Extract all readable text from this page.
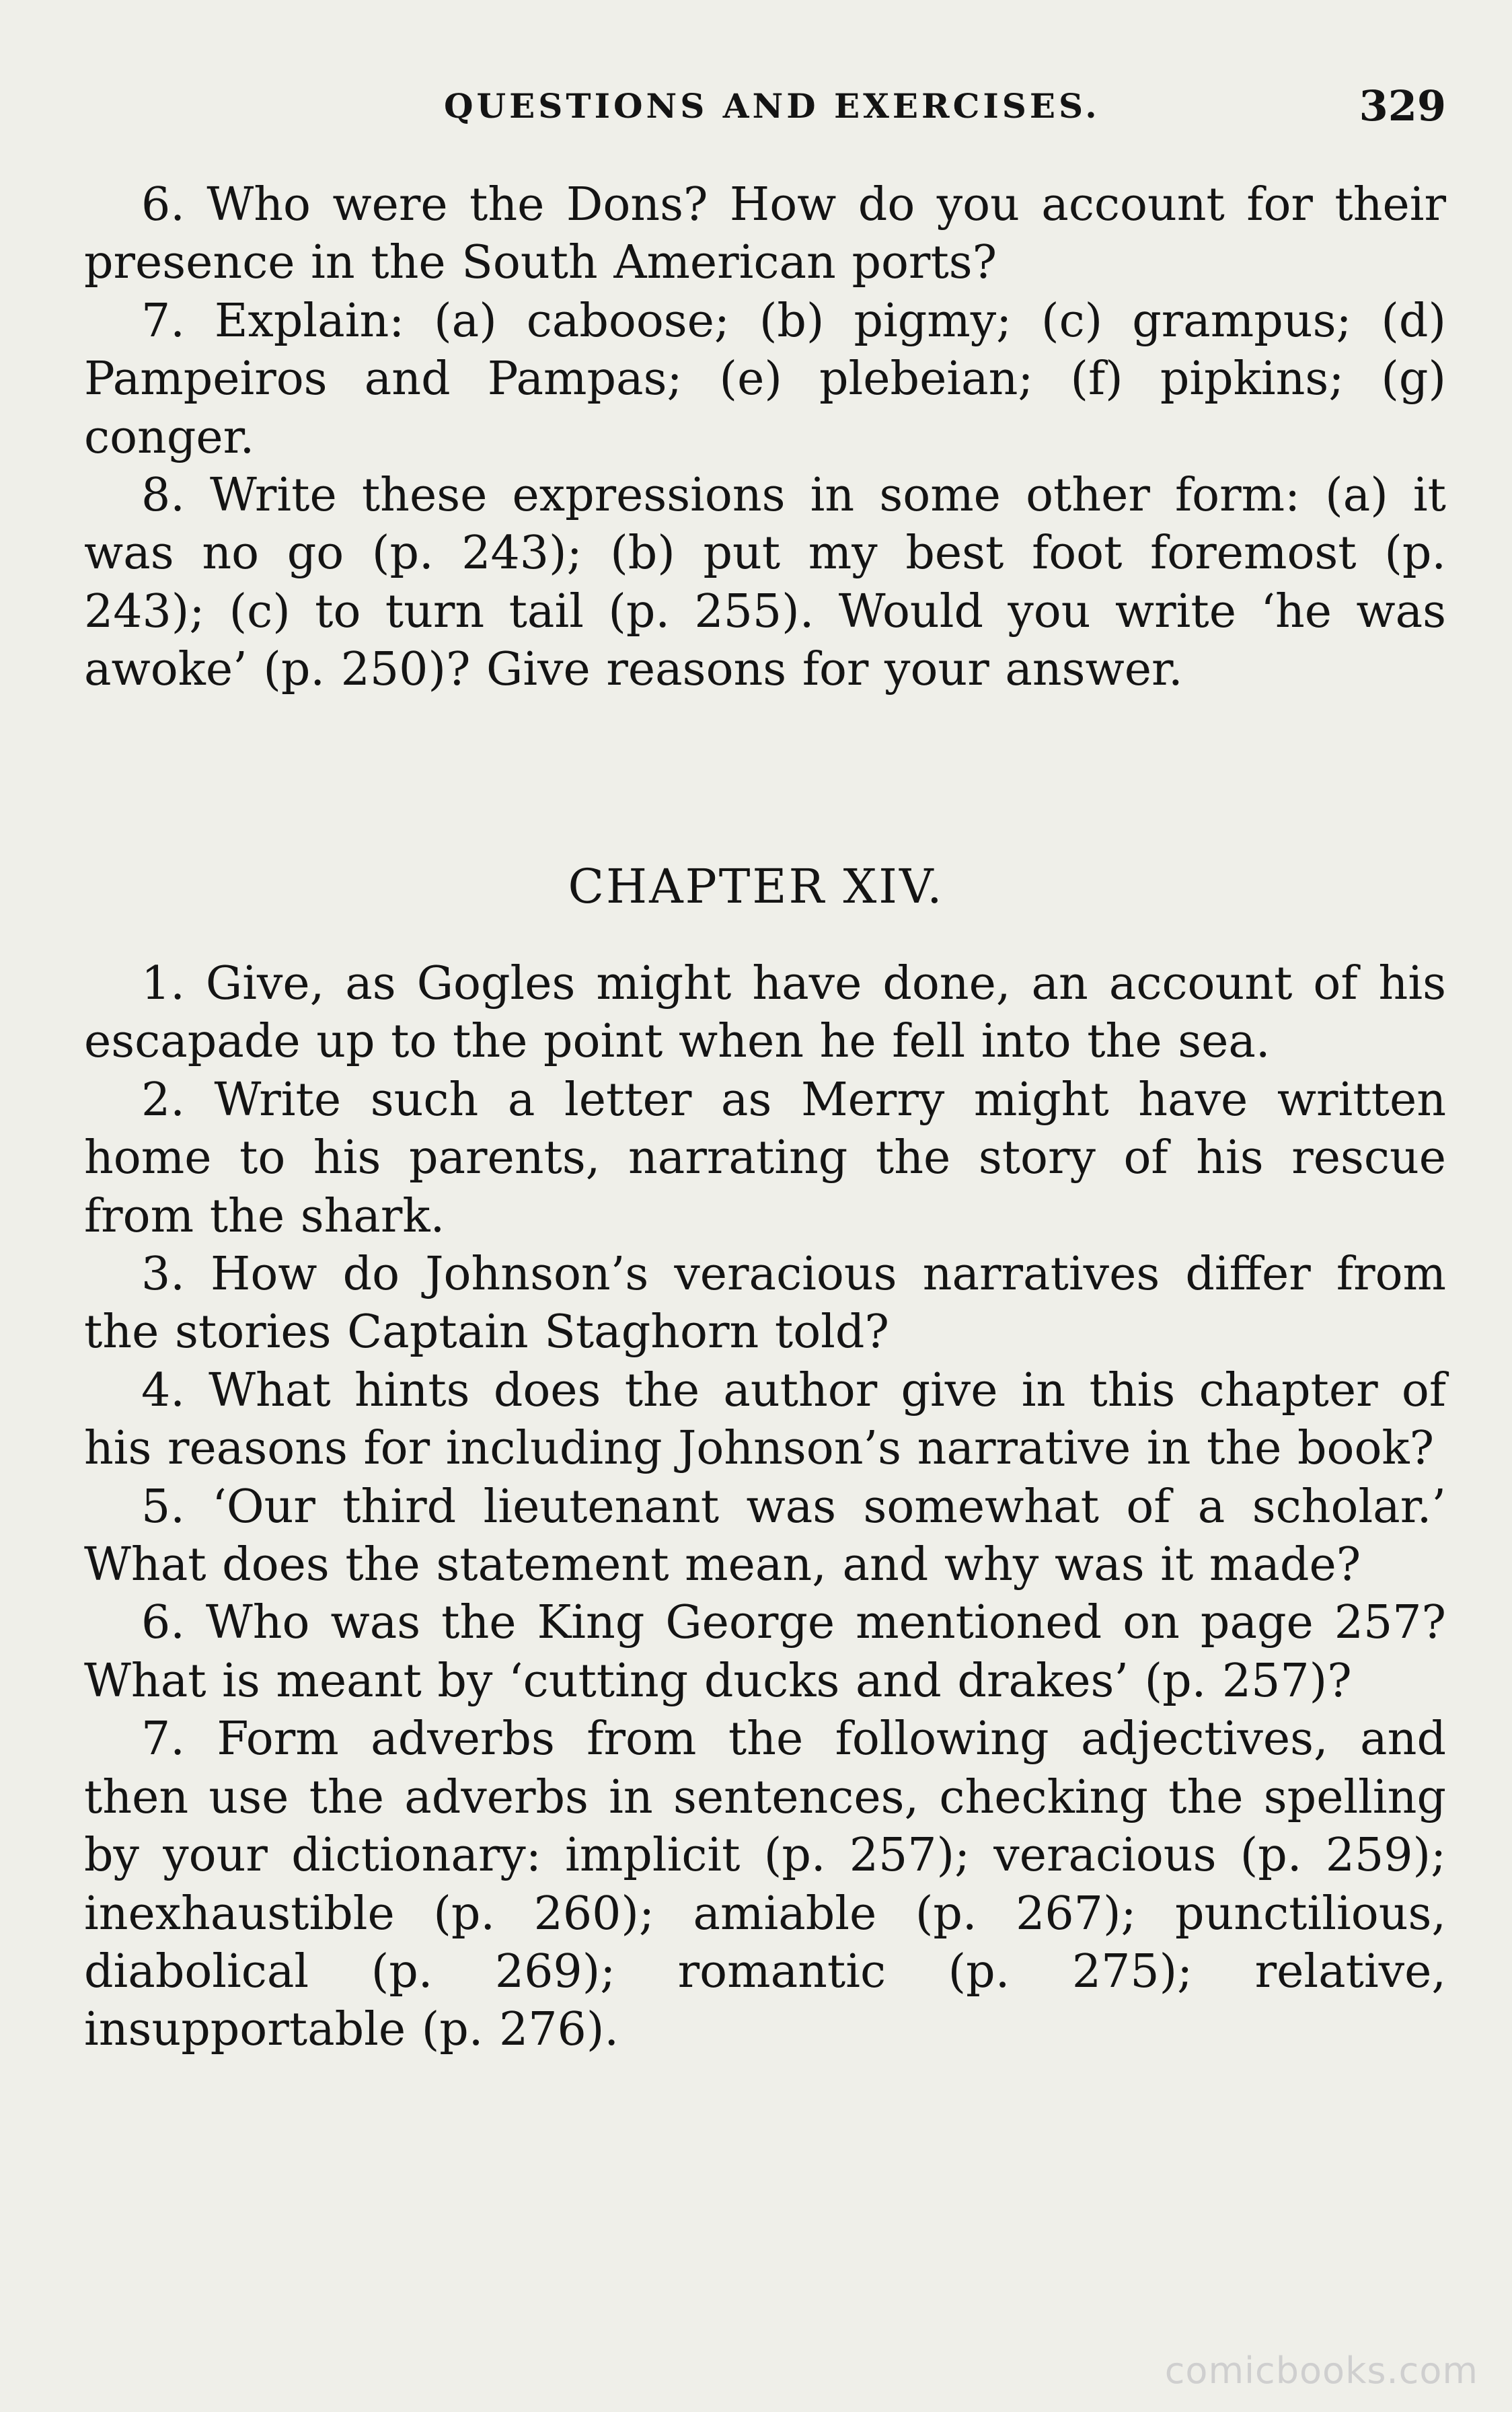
QUESTIONS AND EXERCISES.	329

6. Who were the Dons? How do you account for their presence in the South American ports?

7. Explain: (a) caboose; (b) pigmy; (c) grampus; (d) Pampeiros and Pampas; (e) plebeian; (f) pipkins; (g) conger.

8. Write these expressions in some other form: (a) it was no go (p. 243); (b) put my best foot foremost (p. 243); (c) to turn tail (p. 255). Would you write ‘he was awoke’ (p. 250)? Give reasons for your answer.

CHAPTER XIV.

1. Give, as Gogles might have done, an account of his escapade up to the point when he fell into the sea.

2. Write such a letter as Merry might have written home to his parents, narrating the story of his rescue from the shark.

3. How do Johnson’s veracious narratives differ from the stories Captain Staghorn told?

4. What hints does the author give in this chapter of his reasons for including Johnson’s narrative in the book?

5. ‘Our third lieutenant was somewhat of a scholar.’ What does the statement mean, and why was it made?

6. Who was the King George mentioned on page 257? What is meant by ‘cutting ducks and drakes’ (p. 257)?

7. Form adverbs from the following adjectives, and then use the adverbs in sentences, checking the spelling by your dictionary: implicit (p. 257); veracious (p. 259); inexhaustible (p. 260); amiable (p. 267); punctilious, diabolical (p. 269); romantic (p. 275); relative, insupportable (p. 276).

comicbooks.com
